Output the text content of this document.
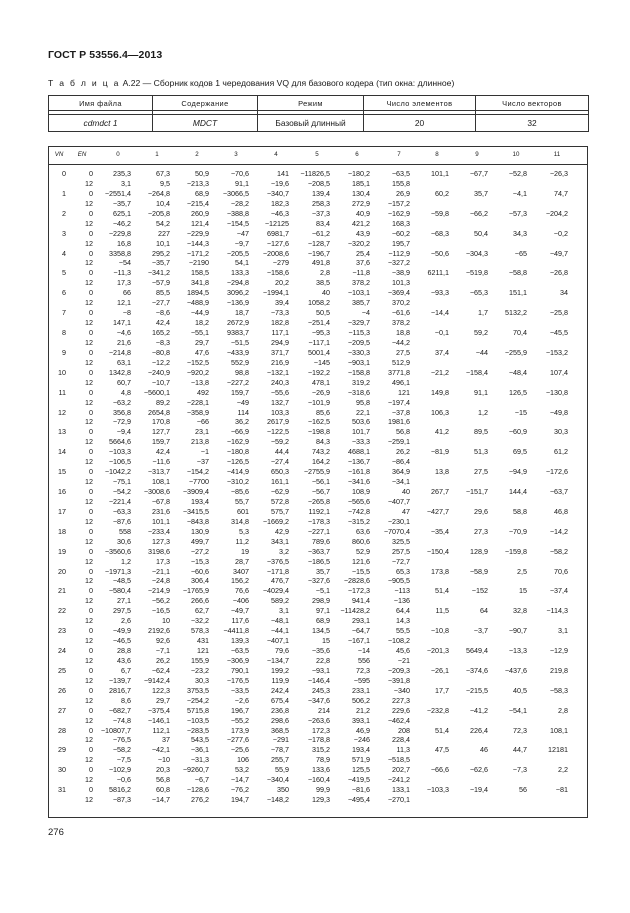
ГОСТ Р 53556.4—2013
Т а б л и ц а А.22 — Сборник кодов 1 чередования VQ для базового кодера (тип окна: длинное)
Имя файла	Содержание	Режим	Число элементов	Число векторов

cdmdct 1	MDCT	Базовый длинный	20	32
VN	EN	0	1	2	3	4	5	6	7	8	9	10	11
0	0	235,3	67,3	50,9	−70,6	141	−11826,5	−180,2	−63,5	101,1	−67,7	−52,8	−26,3
12	3,1	9,5	−213,3	91,1	−19,6	−208,5	185,1	155,8
1	0	−2551,4	−264,8	68,9	−3066,5	−340,7	139,4	130,4	26,9	60,2	35,7	−4,1	74,7
12	−35,7	10,4	−215,4	−28,2	182,3	258,3	272,9	−157,2
2	0	625,1	−205,8	260,9	−388,8	−46,3	−37,3	40,9	−162,9	−59,8	−66,2	−57,3	−204,2
12	−46,2	54,2	121,4	−154,5	−12125	83,4	421,2	168,3
3	0	−229,8	227	−229,9	−47	6981,7	−61,2	43,9	−60,2	−68,3	50,4	34,3	−0,2
12	16,8	10,1	−144,3	−9,7	−127,6	−128,7	−320,2	195,7
4	0	3358,8	295,2	−171,2	−205,5	−2008,6	−196,7	25,4	−112,9	−50,6	−304,3	−65	−49,7
12	−54	−35,7	−2190	54,1	−279	491,8	37,6	−327,2
5	0	−11,3	−341,2	158,5	133,3	−158,6	2,8	−11,8	−38,9	6211,1	−519,8	−58,8	−26,8
12	17,3	−57,9	341,8	−294,8	20,2	38,5	378,2	101,3
6	0	66	85,5	1894,5	3096,2	−1994,1	40	−103,1	−369,4	−93,3	−65,3	151,1	34
12	12,1	−27,7	−488,9	−136,9	39,4	1058,2	385,7	370,2
7	0	−8	−8,6	−44,9	18,7	−73,3	50,5	−4	−61,6	−14,4	1,7	5132,2	−25,8
12	147,1	42,4	18,2	2672,9	182,8	−251,4	−329,7	378,2
8	0	−4,6	165,2	−55,1	9383,7	117,1	−95,3	−115,3	18,8	−0,1	59,2	70,4	−45,5
12	21,6	−8,3	29,7	−51,5	294,9	−117,1	−209,5	−44,2
9	0	−214,8	−80,8	47,6	−433,9	371,7	5001,4	−330,3	27,5	37,4	−44	−255,9	−153,2
12	63,1	−12,2	−152,5	552,9	216,9	−145	−903,1	512,9
10	0	1342,8	−240,9	−920,2	98,8	−132,1	−192,2	−158,8	3771,8	−21,2	−158,4	−48,4	107,4
12	60,7	−10,7	−13,8	−227,2	240,3	478,1	319,2	496,1
11	0	4,8	−5600,1	492	159,7	−55,6	−26,9	−318,6	121	149,8	91,1	126,5	−130,8
12	−63,2	89,2	−228,1	−49	132,7	−101,9	95,8	−197,4
12	0	356,8	2654,8	−358,9	114	103,3	85,6	22,1	−37,8	106,3	1,2	−15	−49,8
12	−72,9	170,8	−66	36,2	2617,9	−162,5	503,6	1981,6
13	0	−9,4	127,7	23,1	−66,9	−122,5	−198,8	101,7	56,8	41,2	89,5	−60,9	30,3
12	5664,6	159,7	213,8	−162,9	−59,2	84,3	−33,3	−259,1
14	0	−103,3	42,4	−1	−180,8	44,4	743,2	4688,1	26,2	−81,9	51,3	69,5	61,2
12	−106,5	−11,6	−37	−126,5	−27,4	164,2	−136,7	−86,4
15	0	−1042,2	−313,7	−154,2	−414,9	650,3	−2755,9	−161,8	364,9	13,8	27,5	−94,9	−172,6
12	−75,1	108,1	−7700	−310,2	161,1	−56,1	−341,6	−34,1
16	0	−54,2	−3008,6	−3909,4	−85,6	−62,9	−56,7	108,9	40	267,7	−151,7	144,4	−63,7
12	−221,4	−67,8	193,4	55,7	572,8	−265,8	−565,6	−407,7
17	0	−63,3	231,6	−3415,5	601	575,7	1192,1	−742,8	47	−427,7	29,6	58,8	46,8
12	−87,6	101,1	−843,8	314,8	−1669,2	−178,3	−315,2	−230,1
18	0	558	−233,4	130,9	5,3	42,9	−227,1	63,6	−7070,4	−35,4	27,3	−70,9	−14,2
12	30,6	127,3	499,7	11,2	343,1	789,6	860,6	325,5
19	0	−3560,6	3198,6	−27,2	19	3,2	−363,7	52,9	257,5	−150,4	128,9	−159,8	−58,2
12	1,2	17,3	−15,3	28,7	−376,5	−186,5	121,6	−72,7
20	0	−1971,3	−21,1	−60,6	3407	−171,8	35,7	−15,5	65,3	173,8	−58,9	2,5	70,6
12	−48,5	−24,8	306,4	156,2	476,7	−327,6	−2828,6	−905,5
21	0	−580,4	−214,9	−1765,9	76,6	−4029,4	−5,1	−172,3	−113	51,4	−152	15	−37,4
12	27,1	−56,2	266,6	−406	589,2	298,9	941,4	−136
22	0	297,5	−16,5	62,7	−49,7	3,1	97,1	−11428,2	64,4	11,5	64	32,8	−114,3
12	2,6	10	−32,2	117,6	−48,1	68,9	293,1	14,3
23	0	−49,9	2192,6	578,3	−4411,8	−44,1	134,5	−64,7	55,5	−10,8	−3,7	−90,7	3,1
12	−46,5	92,6	431	139,3	−407,1	15	−167,1	−108,2
24	0	28,8	−7,1	121	−63,5	79,6	−35,6	−14	45,6	−201,3	5649,4	−13,3	−12,9
12	43,6	26,2	155,9	−306,9	−134,7	22,8	556	−21
25	0	6,7	−62,4	−23,2	790,1	199,2	−93,1	72,3	−209,3	−26,1	−374,6	−437,6	219,8
12	−139,7	−9142,4	30,3	−176,5	119,9	−146,4	−595	−391,8
26	0	2816,7	122,3	3753,5	−33,5	242,4	245,3	233,1	−340	17,7	−215,5	40,5	−58,3
12	8,6	29,7	−254,2	−2,6	675,4	−347,6	506,2	227,3
27	0	−682,7	−375,4	5715,8	196,7	236,8	214	21,2	229,6	−232,8	−41,2	−54,1	2,8
12	−74,8	−146,1	−103,5	−55,2	298,6	−263,6	393,1	−462,4
28	0	−10807,7	112,1	−283,5	173,9	368,5	172,3	46,9	208	51,4	226,4	72,3	108,1
12	−76,5	37	543,5	−277,6	−291	−178,8	−246	228,4
29	0	−58,2	−42,1	−36,1	−25,6	−78,7	315,2	193,4	11,3	47,5	46	44,7	12181
12	−7,5	−10	−31,3	106	255,7	78,9	571,9	−518,5
30	0	−102,9	20,3	−9260,7	53,2	55,9	133,6	125,5	202,7	−66,6	−62,6	−7,3	2,2
12	−0,6	56,8	−6,7	−14,7	−340,4	−160,4	−419,5	−241,2
31	0	5816,2	60,8	−128,6	−76,2	350	99,9	−81,6	133,1	−103,3	−19,4	56	−81
12	−87,3	−14,7	276,2	194,7	−148,2	129,3	−495,4	−270,1
276
